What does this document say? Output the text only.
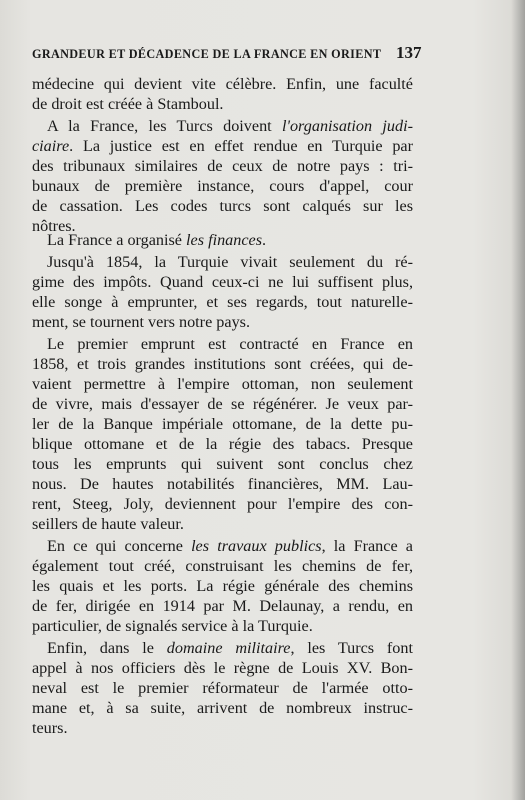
GRANDEUR ET DÉCADENCE DE LA FRANCE EN ORIENT 137
médecine qui devient vite célèbre. Enfin, une faculté
de droit est créée à Stamboul.
A la France, les Turcs doivent l'organisation judi-
ciaire. La justice est en effet rendue en Turquie par
des tribunaux similaires de ceux de notre pays : tri-
bunaux de première instance, cours d'appel, cour
de cassation. Les codes turcs sont calqués sur les
nôtres.
La France a organisé les finances.
Jusqu'à 1854, la Turquie vivait seulement du ré-
gime des impôts. Quand ceux-ci ne lui suffisent plus,
elle songe à emprunter, et ses regards, tout naturelle-
ment, se tournent vers notre pays.
Le premier emprunt est contracté en France en
1858, et trois grandes institutions sont créées, qui de-
vaient permettre à l'empire ottoman, non seulement
de vivre, mais d'essayer de se régénérer. Je veux par-
ler de la Banque impériale ottomane, de la dette pu-
blique ottomane et de la régie des tabacs. Presque
tous les emprunts qui suivent sont conclus chez
nous. De hautes notabilités financières, MM. Lau-
rent, Steeg, Joly, deviennent pour l'empire des con-
seillers de haute valeur.
En ce qui concerne les travaux publics, la France a
également tout créé, construisant les chemins de fer,
les quais et les ports. La régie générale des chemins
de fer, dirigée en 1914 par M. Delaunay, a rendu, en
particulier, de signalés service à la Turquie.
Enfin, dans le domaine militaire, les Turcs font
appel à nos officiers dès le règne de Louis XV. Bon-
neval est le premier réformateur de l'armée otto-
mane et, à sa suite, arrivent de nombreux instruc-
teurs.
